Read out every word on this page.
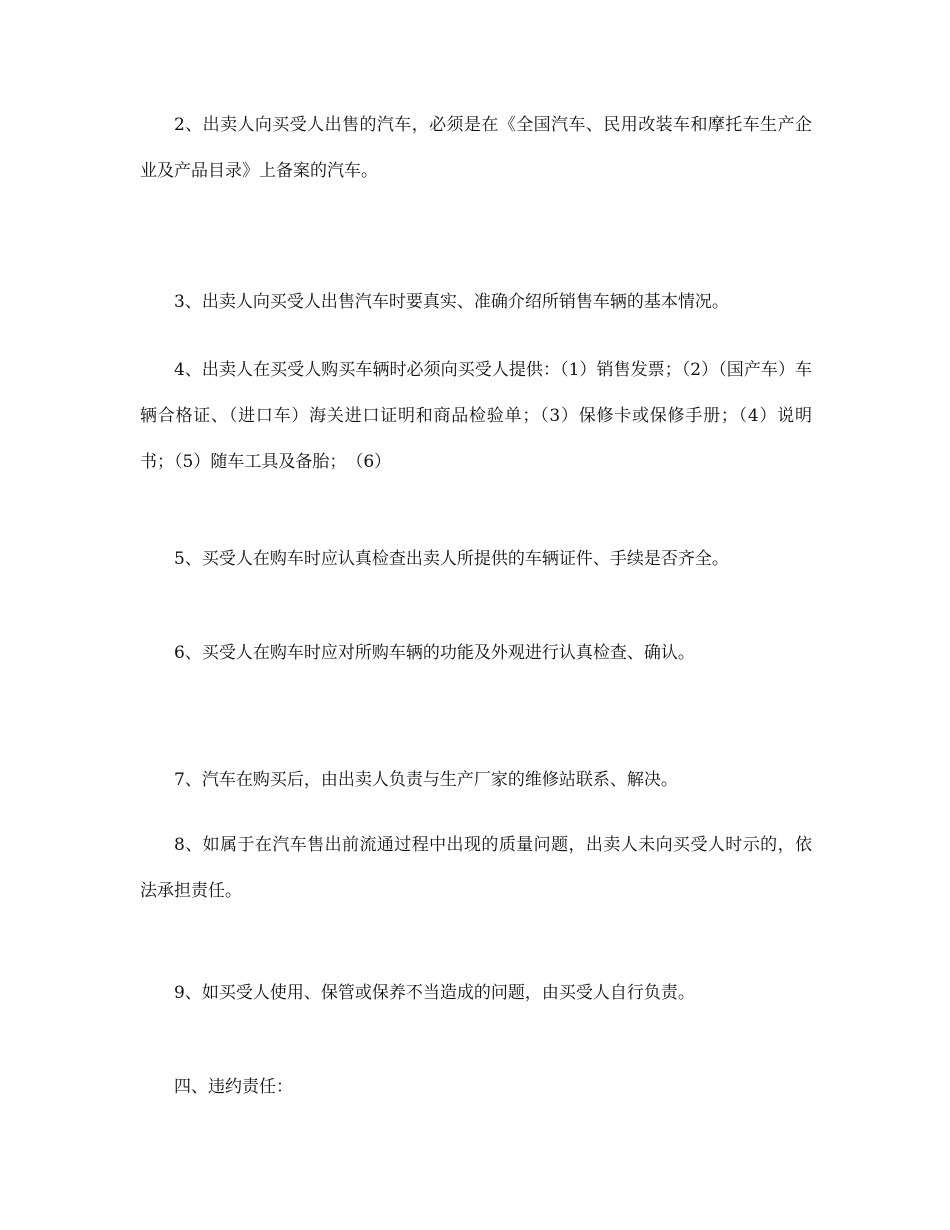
2、出卖人向买受人出售的汽车，必须是在《全国汽车、民用改装车和摩托车生产企业及产品目录》上备案的汽车。

3、出卖人向买受人出售汽车时要真实、准确介绍所销售车辆的基本情况。

4、出卖人在买受人购买车辆时必须向买受人提供：（1）销售发票；（2）（国产车）车辆合格证、（进口车）海关进口证明和商品检验单；（3）保修卡或保修手册；（4）说明书；（5）随车工具及备胎；　（6）

5、买受人在购车时应认真检查出卖人所提供的车辆证件、手续是否齐全。

6、买受人在购车时应对所购车辆的功能及外观进行认真检查、确认。

7、汽车在购买后，由出卖人负责与生产厂家的维修站联系、解决。

8、如属于在汽车售出前流通过程中出现的质量问题，出卖人未向买受人时示的，依法承担责任。

9、如买受人使用、保管或保养不当造成的问题，由买受人自行负责。

四、违约责任：
